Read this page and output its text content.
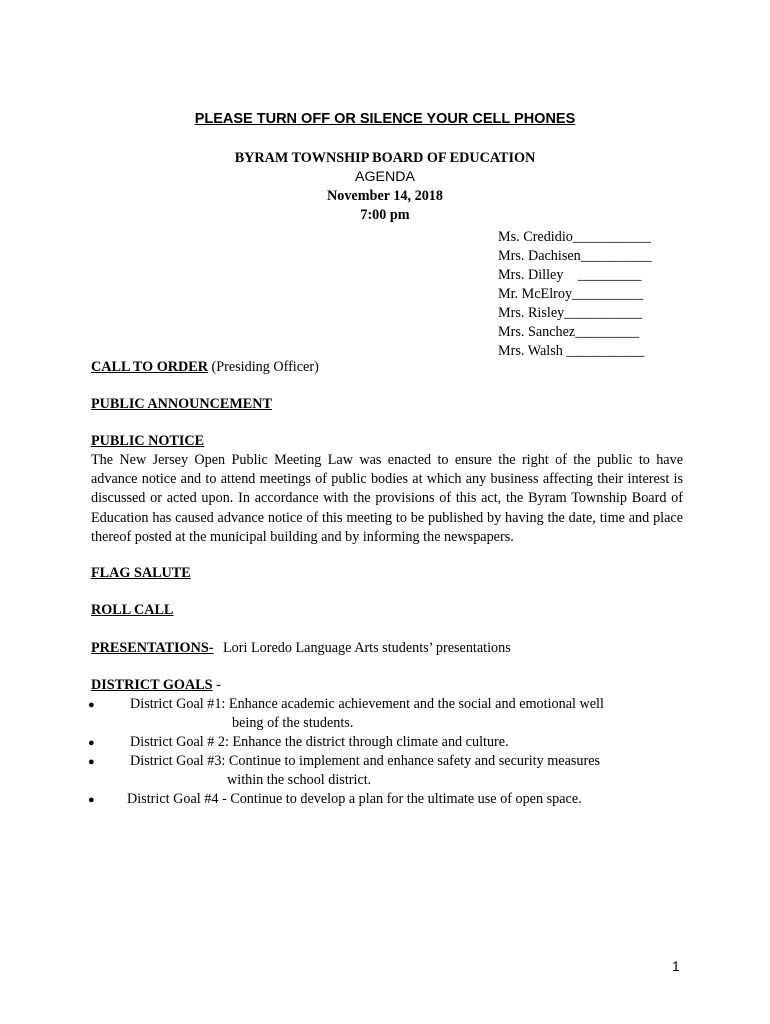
PLEASE TURN OFF OR SILENCE YOUR CELL PHONES
BYRAM TOWNSHIP BOARD OF EDUCATION
AGENDA
November 14, 2018
7:00 pm
Ms. Credidio___________
Mrs. Dachisen__________
Mrs. Dilley    _________
Mr. McElroy__________
Mrs. Risley___________
Mrs. Sanchez_________
Mrs. Walsh ___________
CALL TO ORDER (Presiding Officer)
PUBLIC ANNOUNCEMENT
PUBLIC NOTICE
The New Jersey Open Public Meeting Law was enacted to ensure the right of the public to have advance notice and to attend meetings of public bodies at which any business affecting their interest is discussed or acted upon. In accordance with the provisions of this act, the Byram Township Board of Education has caused advance notice of this meeting to be published by having the date, time and place thereof posted at the municipal building and by informing the newspapers.
FLAG SALUTE
ROLL CALL
PRESENTATIONS- Lori Loredo Language Arts students’ presentations
DISTRICT GOALS -
● District Goal #1: Enhance academic achievement and the social and emotional well
being of the students.
● District Goal # 2: Enhance the district through climate and culture.
● District Goal #3: Continue to implement and enhance safety and security measures
within the school district.
● District Goal #4 - Continue to develop a plan for the ultimate use of open space.
1
